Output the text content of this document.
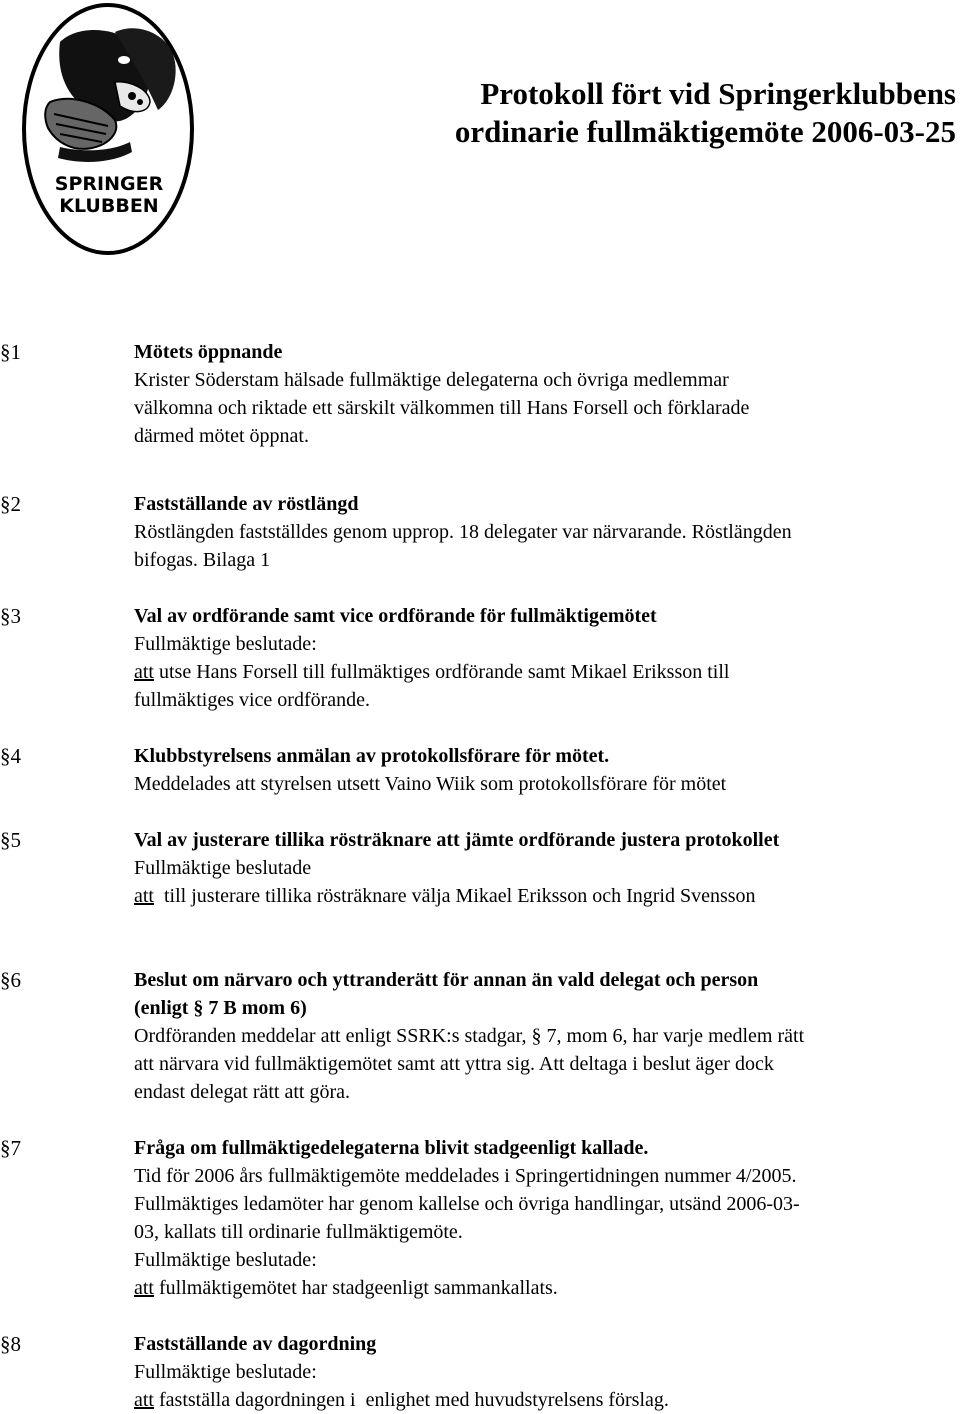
SPRINGER
KLUBBEN
Protokoll fört vid Springerklubbens
ordinarie fullmäktigemöte 2006-03-25
§1	Mötets öppnande
Krister Söderstam hälsade fullmäktige delegaterna och övriga medlemmar
välkomna och riktade ett särskilt välkommen till Hans Forsell och förklarade
därmed mötet öppnat.
§2	Fastställande av röstlängd
Röstlängden fastställdes genom upprop. 18 delegater var närvarande. Röstlängden
bifogas. Bilaga 1
§3	Val av ordförande samt vice ordförande för fullmäktigemötet
Fullmäktige beslutade:
att utse Hans Forsell till fullmäktiges ordförande samt Mikael Eriksson till
fullmäktiges vice ordförande.
§4	Klubbstyrelsens anmälan av protokollsförare för mötet.
Meddelades att styrelsen utsett Vaino Wiik som protokollsförare för mötet
§5	Val av justerare tillika rösträknare att jämte ordförande justera protokollet
Fullmäktige beslutade
att  till justerare tillika rösträknare välja Mikael Eriksson och Ingrid Svensson
§6	Beslut om närvaro och yttranderätt för annan än vald delegat och person
(enligt § 7 B mom 6)
Ordföranden meddelar att enligt SSRK:s stadgar, § 7, mom 6, har varje medlem rätt
att närvara vid fullmäktigemötet samt att yttra sig. Att deltaga i beslut äger dock
endast delegat rätt att göra.
§7	Fråga om fullmäktigedelegaterna blivit stadgeenligt kallade.
Tid för 2006 års fullmäktigemöte meddelades i Springertidningen nummer 4/2005.
Fullmäktiges ledamöter har genom kallelse och övriga handlingar, utsänd 2006-03-
03, kallats till ordinarie fullmäktigemöte.
Fullmäktige beslutade:
att fullmäktigemötet har stadgeenligt sammankallats.
§8	Fastställande av dagordning
Fullmäktige beslutade:
att fastställa dagordningen i  enlighet med huvudstyrelsens förslag.
